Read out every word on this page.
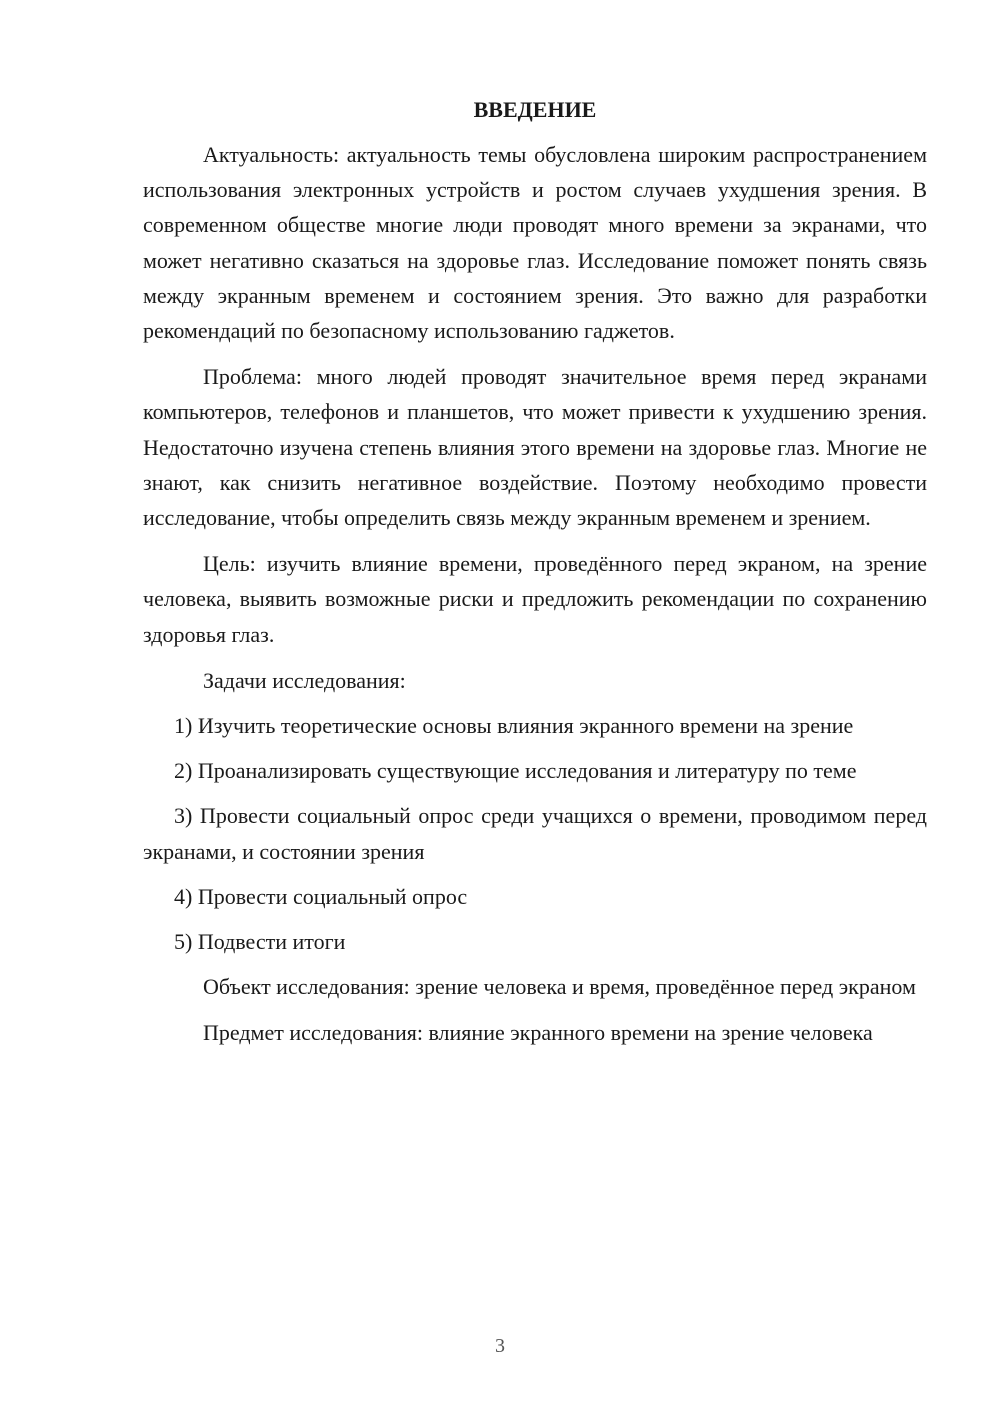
ВВЕДЕНИЕ

Актуальность: актуальность темы обусловлена широким распространением использования электронных устройств и ростом случаев ухудшения зрения. В современном обществе многие люди проводят много времени за экранами, что может негативно сказаться на здоровье глаз. Исследование поможет понять связь между экранным временем и состоянием зрения. Это важно для разработки рекомендаций по безопасному использованию гаджетов.

Проблема: много людей проводят значительное время перед экранами компьютеров, телефонов и планшетов, что может привести к ухудшению зрения. Недостаточно изучена степень влияния этого времени на здоровье глаз. Многие не знают, как снизить негативное воздействие. Поэтому необходимо провести исследование, чтобы определить связь между экранным временем и зрением.

Цель: изучить влияние времени, проведённого перед экраном, на зрение человека, выявить возможные риски и предложить рекомендации по сохранению здоровья глаз.

Задачи исследования:

1) Изучить теоретические основы влияния экранного времени на зрение

2) Проанализировать существующие исследования и литературу по теме

3) Провести социальный опрос среди учащихся о времени, проводимом перед экранами, и состоянии зрения

4) Провести социальный опрос

5) Подвести итоги

Объект исследования: зрение человека и время, проведённое перед экраном

Предмет исследования: влияние экранного времени на зрение человека

3
